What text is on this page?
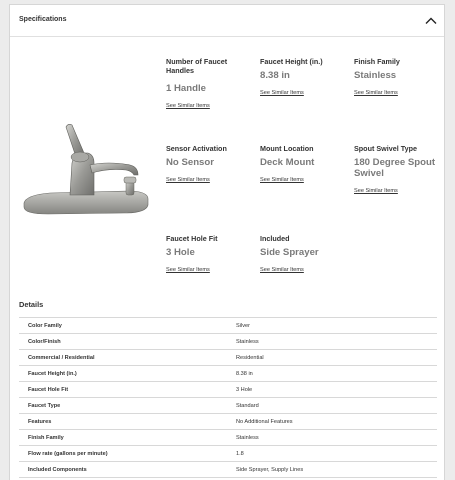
Specifications
Number of Faucet Handles
1 Handle
See Similar Items
Faucet Height (in.)
8.38 in
See Similar Items
Finish Family
Stainless
See Similar Items
Sensor Activation
No Sensor
See Similar Items
Mount Location
Deck Mount
See Similar Items
Spout Swivel Type
180 Degree Spout Swivel
See Similar Items
Faucet Hole Fit
3 Hole
See Similar Items
Included
Side Sprayer
See Similar Items
Details
Color Family	Silver
Color/Finish	Stainless
Commercial / Residential	Residential
Faucet Height (in.)	8.38 in
Faucet Hole Fit	3 Hole
Faucet Type	Standard
Features	No Additional Features
Finish Family	Stainless
Flow rate (gallons per minute)	1.8
Included Components	Side Sprayer, Supply Lines
